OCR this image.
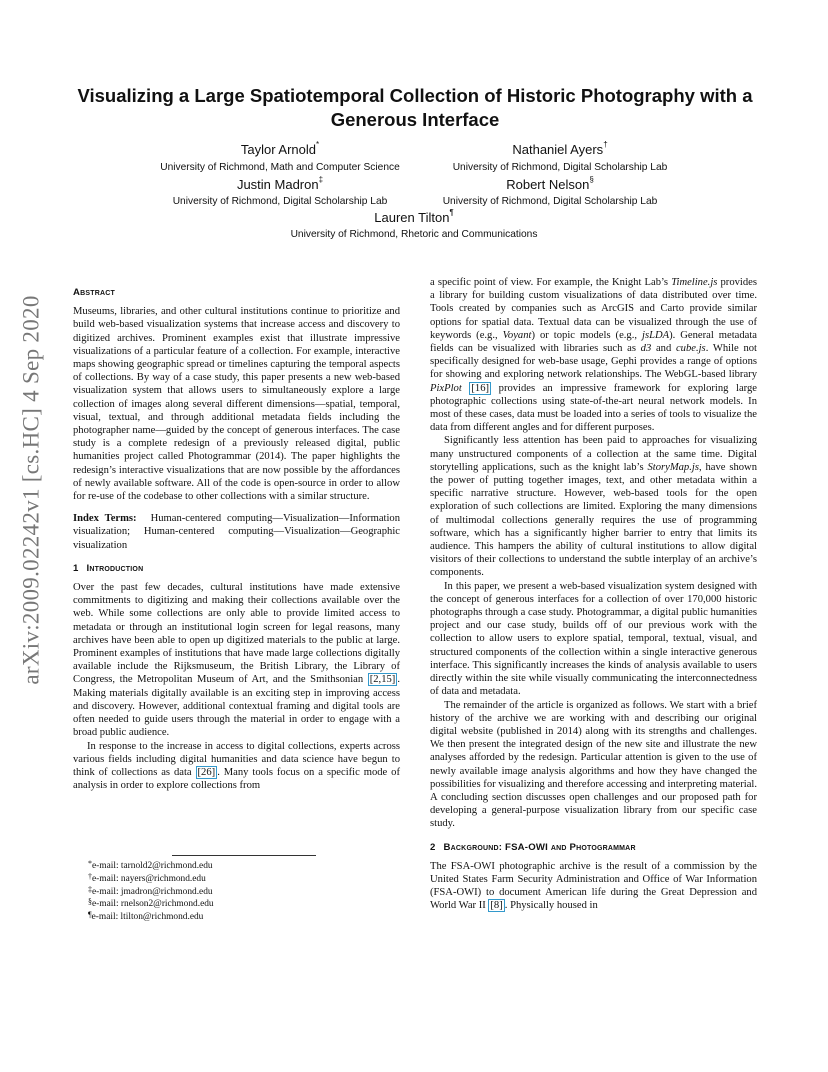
arXiv:2009.02242v1 [cs.HC] 4 Sep 2020
Visualizing a Large Spatiotemporal Collection of Historic Photography with a Generous Interface
Taylor Arnold*
University of Richmond, Math and Computer Science
Nathaniel Ayers†
University of Richmond, Digital Scholarship Lab
Justin Madron‡
University of Richmond, Digital Scholarship Lab
Robert Nelson§
University of Richmond, Digital Scholarship Lab
Lauren Tilton¶
University of Richmond, Rhetoric and Communications
Abstract

Museums, libraries, and other cultural institutions continue to prioritize and build web-based visualization systems that increase access and discovery to digitized archives. Prominent examples exist that illustrate impressive visualizations of a particular feature of a collection. For example, interactive maps showing geographic spread or timelines capturing the temporal aspects of collections. By way of a case study, this paper presents a new web-based visualization system that allows users to simultaneously explore a large collection of images along several different dimensions—spatial, temporal, visual, textual, and through additional metadata fields including the photographer name—guided by the concept of generous interfaces. The case study is a complete redesign of a previously released digital, public humanities project called Photogrammar (2014). The paper highlights the redesign’s interactive visualizations that are now possible by the affordances of newly available software. All of the code is open-source in order to allow for re-use of the codebase to other collections with a similar structure.

Index Terms: Human-centered computing—Visualization—Information visualization; Human-centered computing—Visualization—Geographic visualization

1 Introduction

Over the past few decades, cultural institutions have made extensive commitments to digitizing and making their collections available over the web. While some collections are only able to provide limited access to metadata or through an institutional login screen for legal reasons, many archives have been able to open up digitized materials to the public at large. Prominent examples of institutions that have made large collections digitally available include the Rijksmuseum, the British Library, the Library of Congress, the Metropolitan Museum of Art, and the Smithsonian [2,15] . Making materials digitally available is an exciting step in improving access and discovery. However, additional contextual framing and digital tools are often needed to guide users through the material in order to engage with a broad public audience.

In response to the increase in access to digital collections, experts across various fields including digital humanities and data science have begun to think of collections as data [26] . Many tools focus on a specific mode of analysis in order to explore collections from

*e-mail: tarnold2@richmond.edu
†e-mail: nayers@richmond.edu
‡e-mail: jmadron@richmond.edu
§e-mail: rnelson2@richmond.edu
¶e-mail: ltilton@richmond.edu

a specific point of view. For example, the Knight Lab’s Timeline.js provides a library for building custom visualizations of data distributed over time. Tools created by companies such as ArcGIS and Carto provide similar options for spatial data. Textual data can be visualized through the use of keywords (e.g., Voyant) or topic models (e.g., jsLDA). General metadata fields can be visualized with libraries such as d3 and cube.js. While not specifically designed for web-base usage, Gephi provides a range of options for showing and exploring network relationships. The WebGL-based library PixPlot [16] provides an impressive framework for exploring large photographic collections using state-of-the-art neural network models. In most of these cases, data must be loaded into a series of tools to visualize the data from different angles and for different purposes.

Significantly less attention has been paid to approaches for visualizing many unstructured components of a collection at the same time. Digital storytelling applications, such as the knight lab’s StoryMap.js, have shown the power of putting together images, text, and other metadata within a specific narrative structure. However, web-based tools for the open exploration of such collections are limited. Exploring the many dimensions of multimodal collections generally requires the use of programming software, which has a significantly higher barrier to entry that limits its audience. This hampers the ability of cultural institutions to allow digital visitors of their collections to understand the subtle interplay of an archive’s components.

In this paper, we present a web-based visualization system designed with the concept of generous interfaces for a collection of over 170,000 historic photographs through a case study. Photogrammar, a digital public humanities project and our case study, builds off of our previous work with the collection to allow users to explore spatial, temporal, textual, visual, and structured components of the collection within a single interactive generous interface. This significantly increases the kinds of analysis available to users directly within the site while visually communicating the interconnectedness of data and metadata.

The remainder of the article is organized as follows. We start with a brief history of the archive we are working with and describing our original digital website (published in 2014) along with its strengths and challenges. We then present the integrated design of the new site and illustrate the new analyses afforded by the redesign. Particular attention is given to the use of newly available image analysis algorithms and how they have changed the possibilities for visualizing and therefore accessing and interpreting material. A concluding section discusses open challenges and our proposed path for developing a general-purpose visualization library from our specific case study.

2 Background: FSA-OWI and Photogrammar

The FSA-OWI photographic archive is the result of a commission by the United States Farm Security Administration and Office of War Information (FSA-OWI) to document American life during the Great Depression and World War II [8] . Physically housed in
